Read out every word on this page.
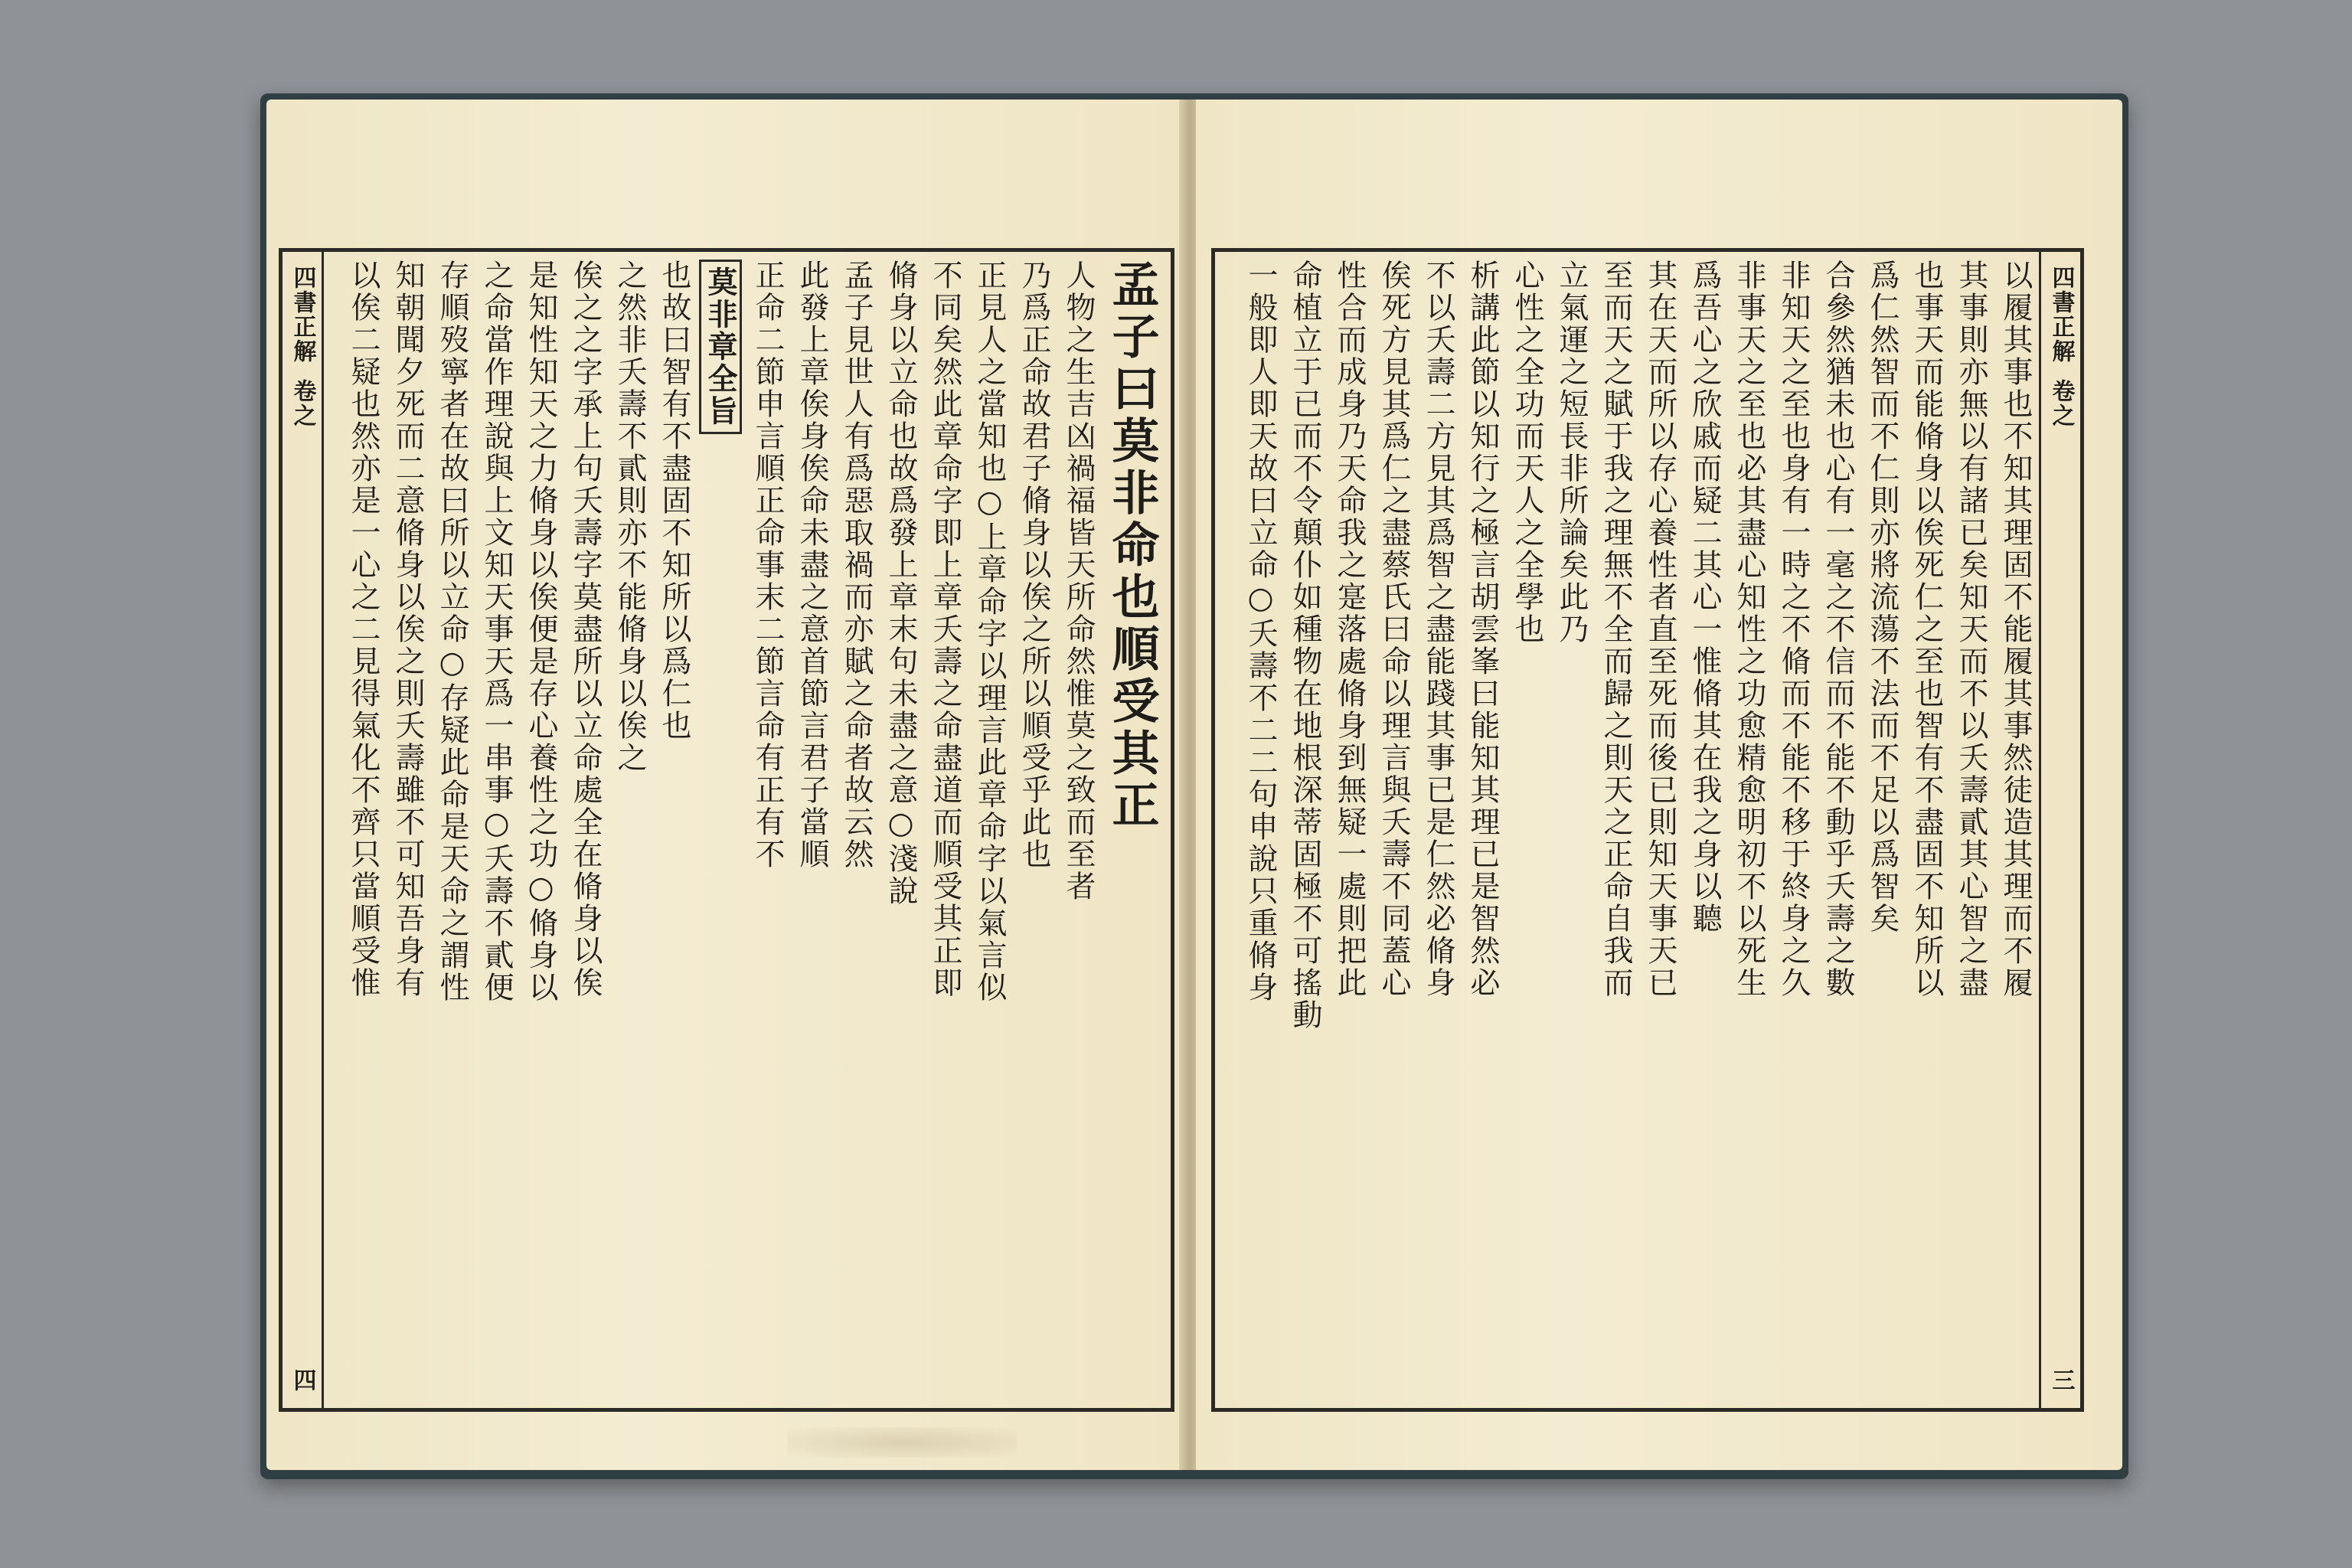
四書正解
卷之
四
孟子曰莫非命也順受其正
人物之生吉凶禍福皆天所命然惟莫之致而至者
乃爲正命故君子脩身以俟之所以順受乎此也
正見人之當知也○上章命字以理言此章命字以氣言似
不同矣然此章命字即上章夭壽之命盡道而順受其正即
脩身以立命也故爲發上章末句未盡之意○淺說
孟子見世人有爲惡取禍而亦賦之命者故云然
此發上章俟身俟命未盡之意首節言君子當順
正命二節申言順正命事末二節言命有正有不
莫非章全旨
也故曰智有不盡固不知所以爲仁也
之然非夭壽不貳則亦不能脩身以俟之
俟之之字承上句夭壽字莫盡所以立命處全在脩身以俟
是知性知天之力脩身以俟便是存心養性之功○脩身以
之命當作理說與上文知天事天爲一串事○夭壽不貳便
存順歿寧者在故曰所以立命○存疑此命是天命之謂性
知朝聞夕死而二意脩身以俟之則夭壽雖不可知吾身有
以俟二疑也然亦是一心之二見得氣化不齊只當順受惟	四書正解
卷之
三
以履其事也不知其理固不能履其事然徒造其理而不履
其事則亦無以有諸已矣知天而不以夭壽貳其心智之盡
也事天而能脩身以俟死仁之至也智有不盡固不知所以
爲仁然智而不仁則亦將流蕩不法而不足以爲智矣
合參然猶未也心有一毫之不信而不能不動乎夭壽之數
非知天之至也身有一時之不脩而不能不移于終身之久
非事天之至也必其盡心知性之功愈精愈明初不以死生
爲吾心之欣戚而疑二其心一惟脩其在我之身以聽
其在天而所以存心養性者直至死而後已則知天事天已
至而天之賦于我之理無不全而歸之則天之正命自我而
立氣運之短長非所論矣此乃
心性之全功而天人之全學也
析講此節以知行之極言胡雲峯曰能知其理已是智然必
不以夭壽二方見其爲智之盡能踐其事已是仁然必脩身
俟死方見其爲仁之盡蔡氏曰命以理言與夭壽不同蓋心
性合而成身乃天命我之寔落處脩身到無疑一處則把此
命植立于已而不令顛仆如種物在地根深蒂固極不可搖動
一般即人即天故曰立命○夭壽不二二句申說只重脩身
